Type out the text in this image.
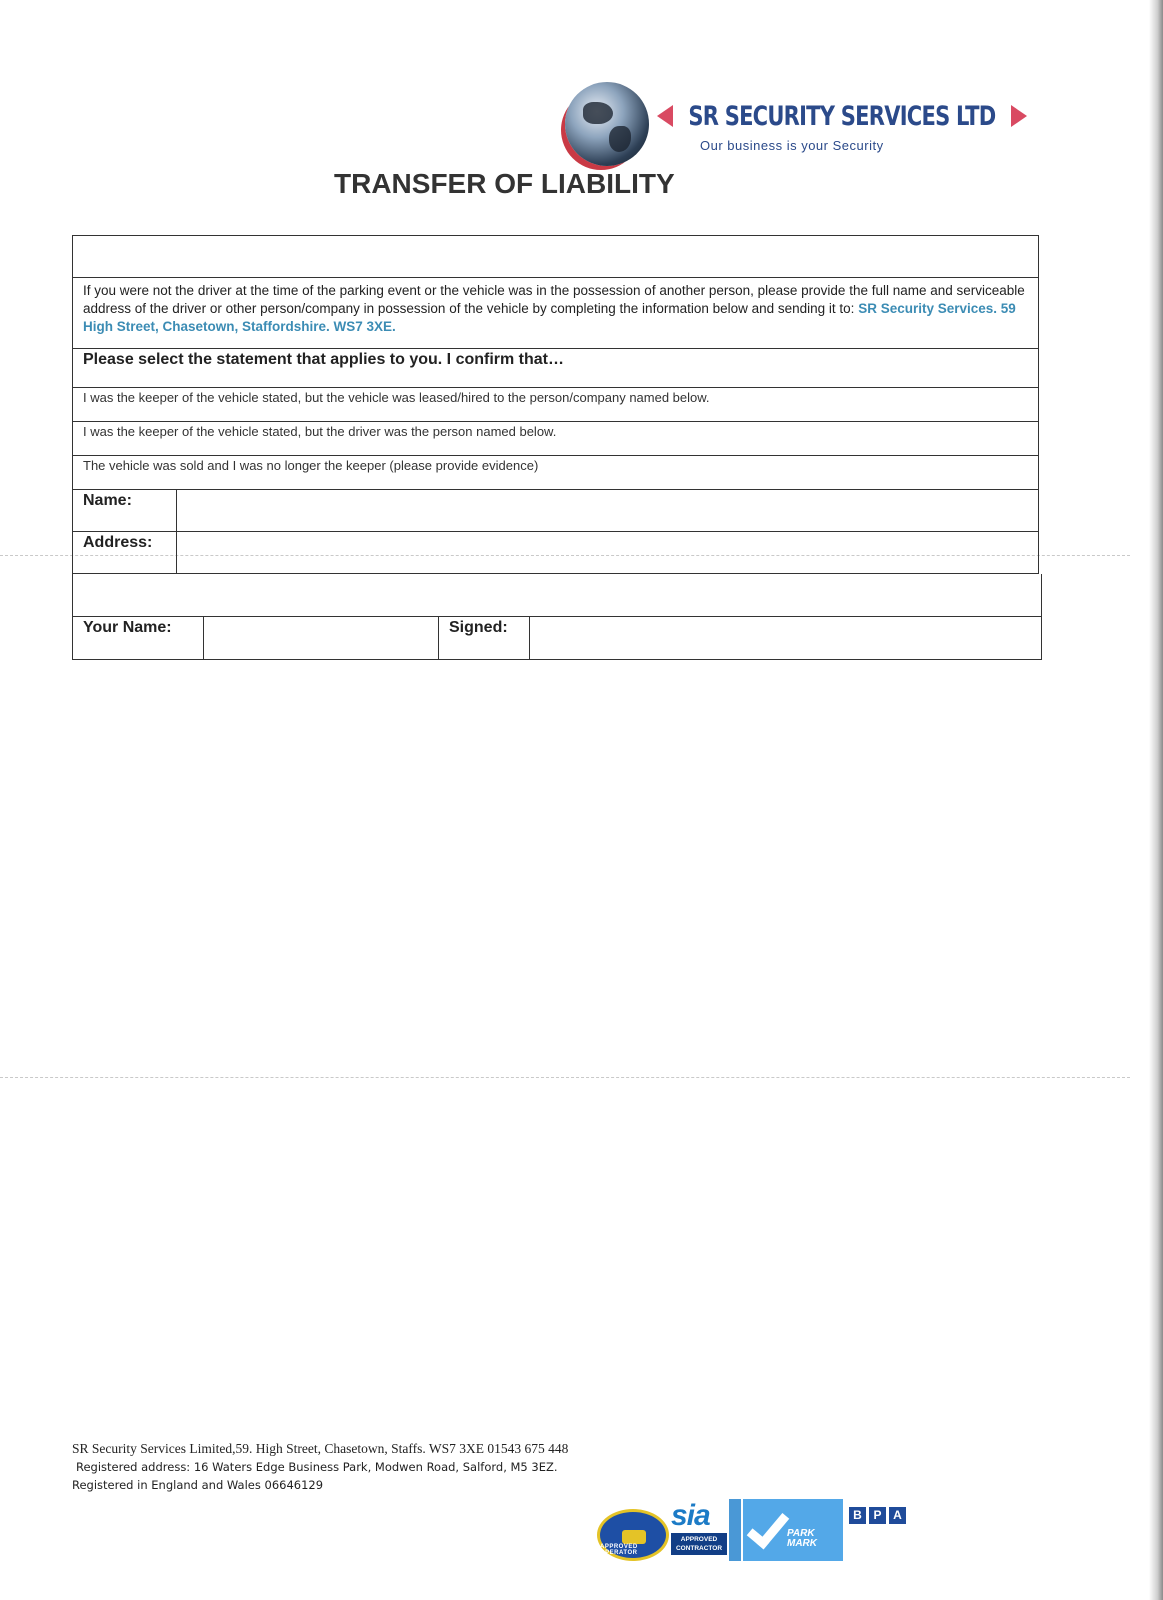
SR SECURITY SERVICES LTD
Our business is your Security
TRANSFER OF LIABILITY
If you were not the driver at the time of the parking event or the vehicle was in the possession of another person, please provide the full name and serviceable address of the driver or other person/company in possession of the vehicle by completing the information below and sending it to: SR Security Services. 59 High Street, Chasetown, Staffordshire. WS7 3XE.
Please select the statement that applies to you. I confirm that…
I was the keeper of the vehicle stated, but the vehicle was leased/hired to the person/company named below.
I was the keeper of the vehicle stated, but the driver was the person named below.
The vehicle was sold and I was no longer the keeper (please provide evidence)
Name:
Address:
Your Name:	Signed:
SR Security Services Limited,59. High Street, Chasetown, Staffs. WS7 3XE 01543 675 448
Registered address: 16 Waters Edge Business Park, Modwen Road, Salford, M5 3EZ.
Registered in England and Wales 06646129
APPROVED OPERATOR
sia
APPROVED CONTRACTOR
PARK MARK
B P A
